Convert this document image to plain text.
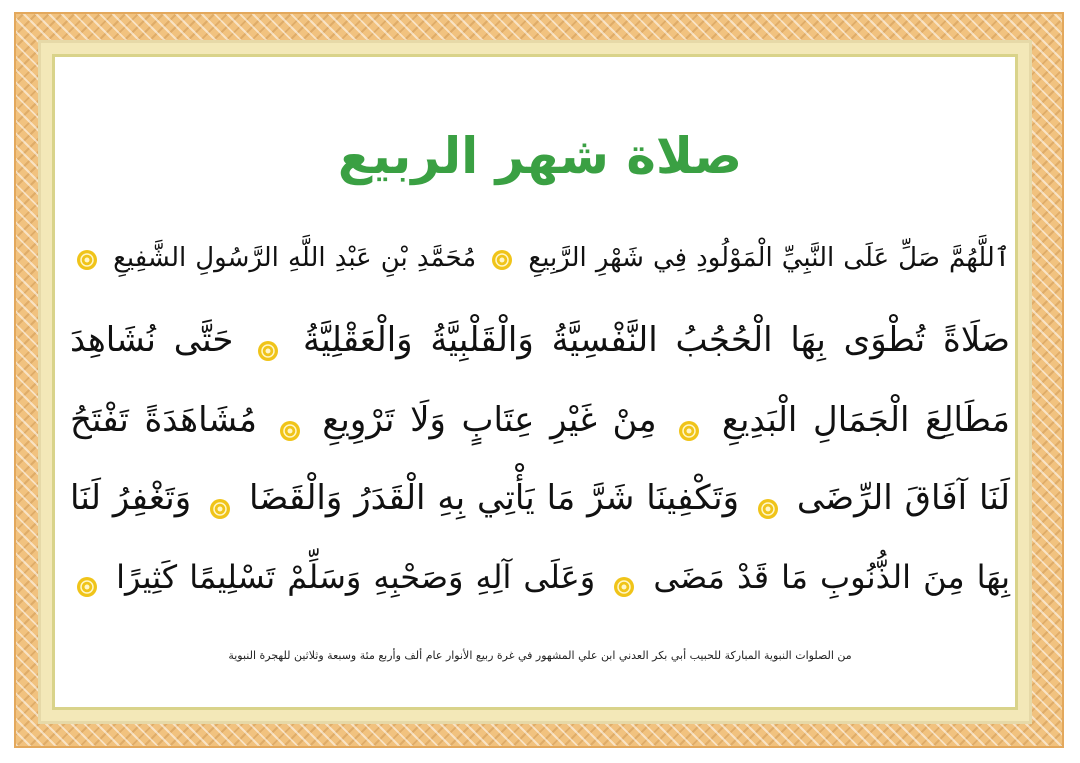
صلاة شهر الربيع
ٱللَّهُمَّ صَلِّ عَلَى النَّبِيِّ الْمَوْلُودِ فِي شَهْرِ الرَّبِيعِ  مُحَمَّدِ بْنِ عَبْدِ اللَّهِ الرَّسُولِ الشَّفِيعِ
صَلَاةً تُطْوَى بِهَا الْحُجُبُ النَّفْسِيَّةُ وَالْقَلْبِيَّةُ وَالْعَقْلِيَّةُ  حَتَّى نُشَاهِدَ
مَطَالِعَ الْجَمَالِ الْبَدِيعِ  مِنْ غَيْرِ عِتَابٍ وَلَا تَرْوِيعِ  مُشَاهَدَةً تَفْتَحُ
لَنَا آفَاقَ الرِّضَى  وَتَكْفِينَا شَرَّ مَا يَأْتِي بِهِ الْقَدَرُ وَالْقَضَا  وَتَغْفِرُ لَنَا
بِهَا مِنَ الذُّنُوبِ مَا قَدْ مَضَى  وَعَلَى آلِهِ وَصَحْبِهِ وَسَلِّمْ تَسْلِيمًا كَثِيرًا
من الصلوات النبوية المباركة للحبيب أبي بكر العدني ابن علي المشهور في غرة ربيع الأنوار عام ألف وأربع مئة وسبعة وثلاثين للهجرة النبوية
